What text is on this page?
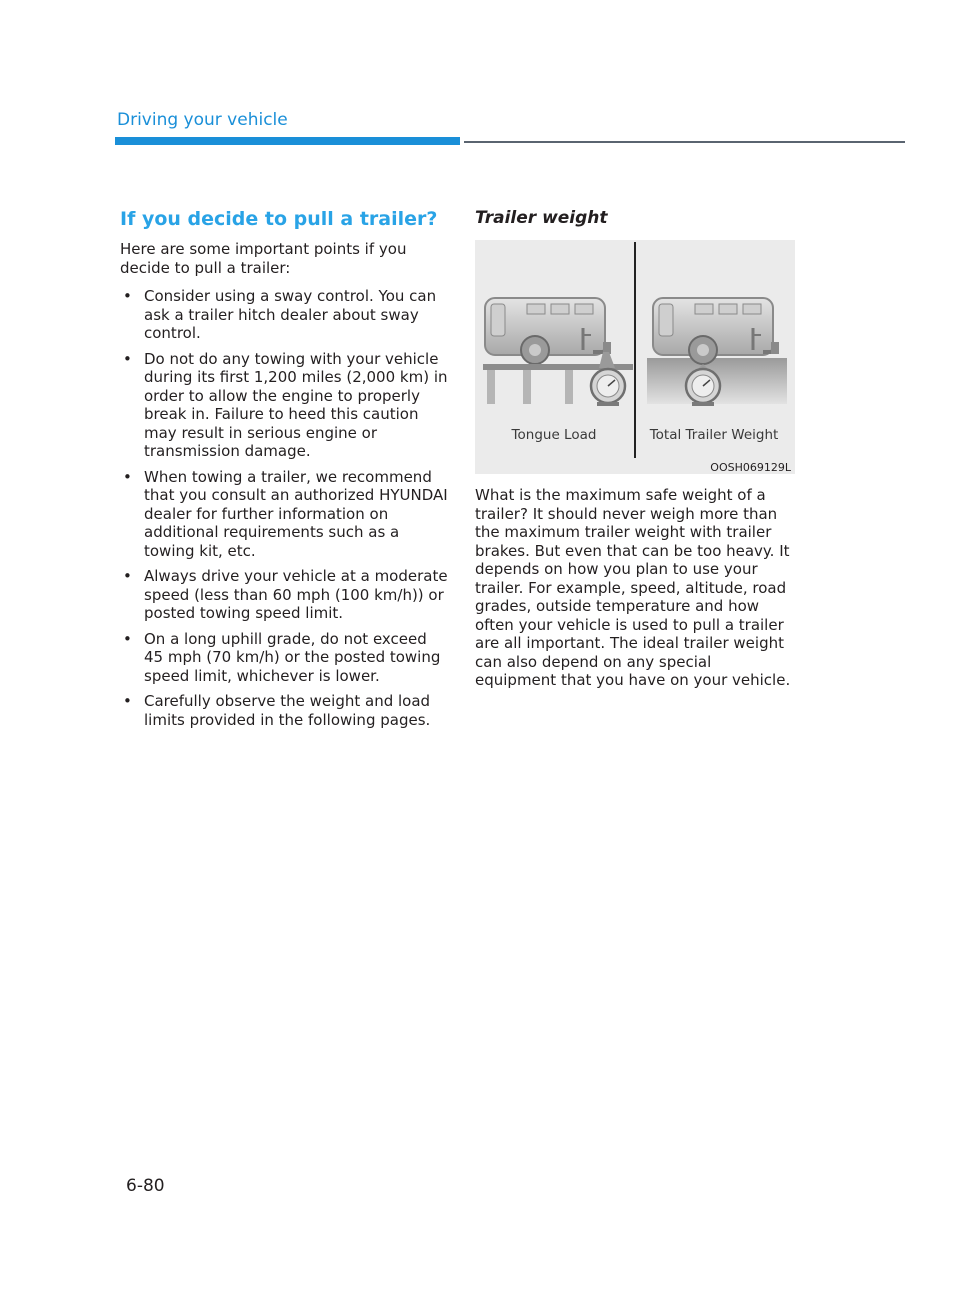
Driving your vehicle
If you decide to pull a trailer?

Here are some important points if you decide to pull a trailer:

• Consider using a sway control. You can ask a trailer hitch dealer about sway control.
• Do not do any towing with your vehicle during its first 1,200 miles (2,000 km) in order to allow the engine to properly break in. Failure to heed this caution may result in serious engine or transmission damage.
• When towing a trailer, we recommend that you consult an authorized HYUNDAI dealer for further information on additional requirements such as a towing kit, etc.
• Always drive your vehicle at a moderate speed (less than 60 mph (100 km/h)) or posted towing speed limit.
• On a long uphill grade, do not exceed 45 mph (70 km/h) or the posted towing speed limit, whichever is lower.
• Carefully observe the weight and load limits provided in the following pages.
Trailer weight
Tongue Load	Total Trailer Weight
OOSH069129L

What is the maximum safe weight of a trailer? It should never weigh more than the maximum trailer weight with trailer brakes. But even that can be too heavy. It depends on how you plan to use your trailer. For example, speed, altitude, road grades, outside temperature and how often your vehicle is used to pull a trailer are all important. The ideal trailer weight can also depend on any special equipment that you have on your vehicle.

6-80
